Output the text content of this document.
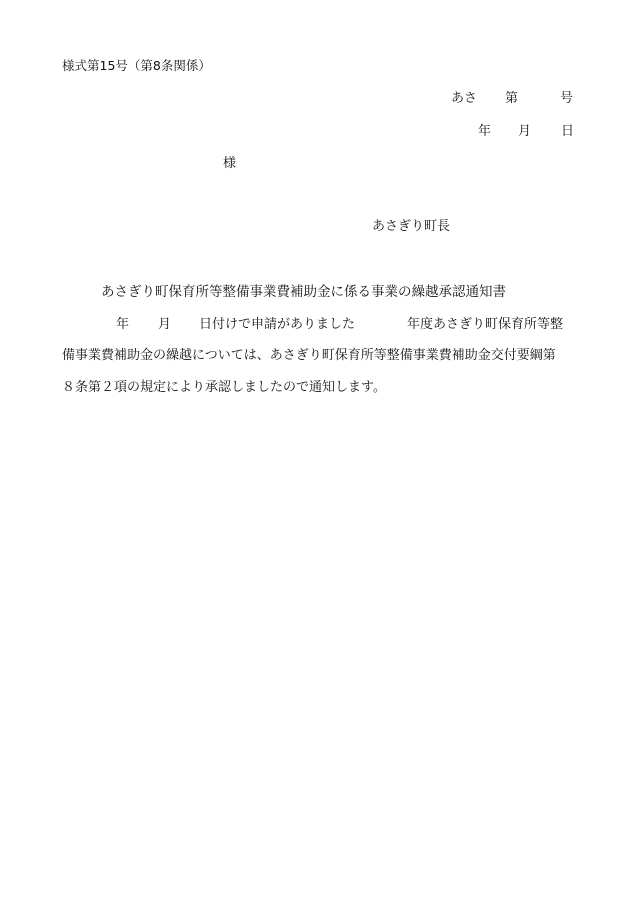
様式第15号（第8条関係）
あさ 第	号
年 月 日
様
あさぎり町長
あさぎり町保育所等整備事業費補助金に係る事業の繰越承認通知書
年 月 日付けで申請がありました	年度あさぎり町保育所等整
備事業費補助金の繰越については、あさぎり町保育所等整備事業費補助金交付要綱第
８条第２項の規定により承認しましたので通知します。
